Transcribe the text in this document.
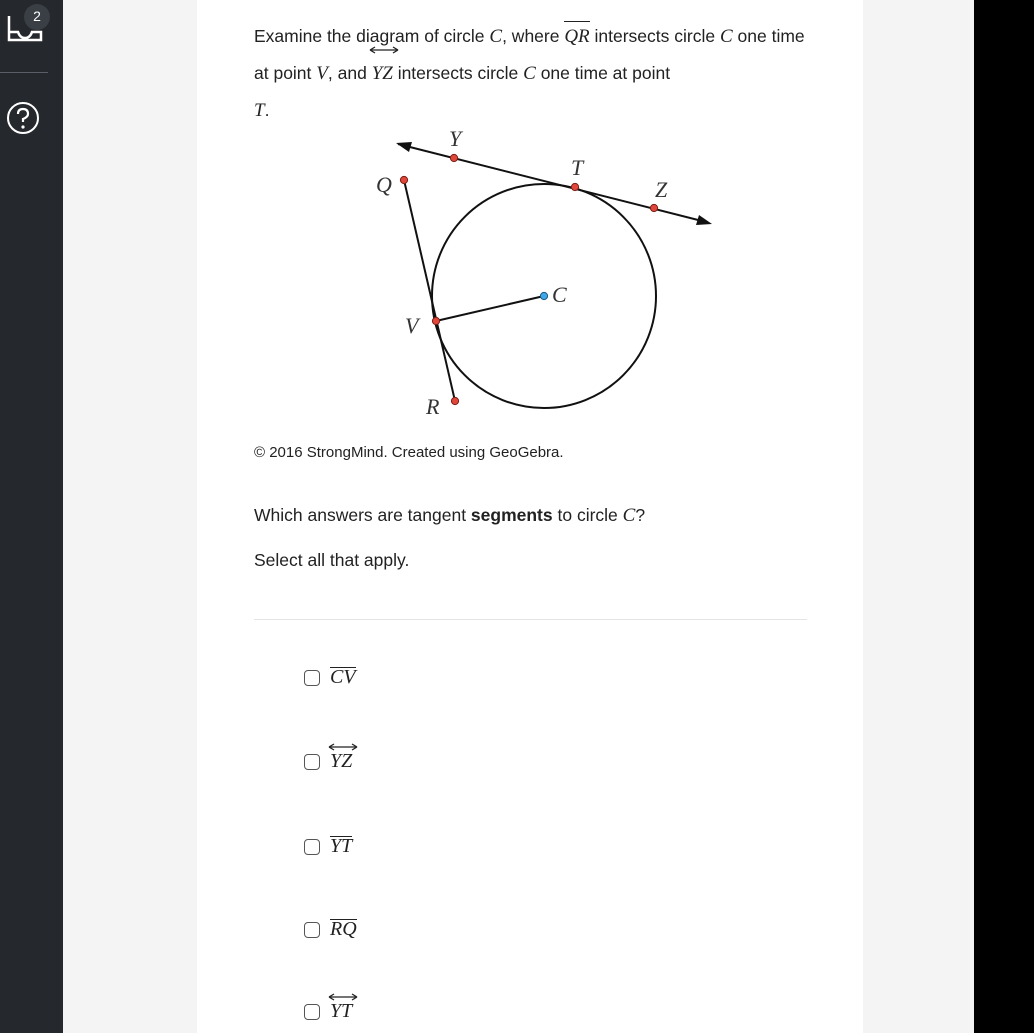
2
Examine the diagram of circle C, where QR intersects circle C one time at point V, and
YZ intersects circle C one time at point
T.
Y
T
Z
Q
C
V
R
© 2016 StrongMind. Created using GeoGebra.
Which answers are tangent segments to circle C?
Select all that apply.
CV
YZ
YT
RQ
YT
